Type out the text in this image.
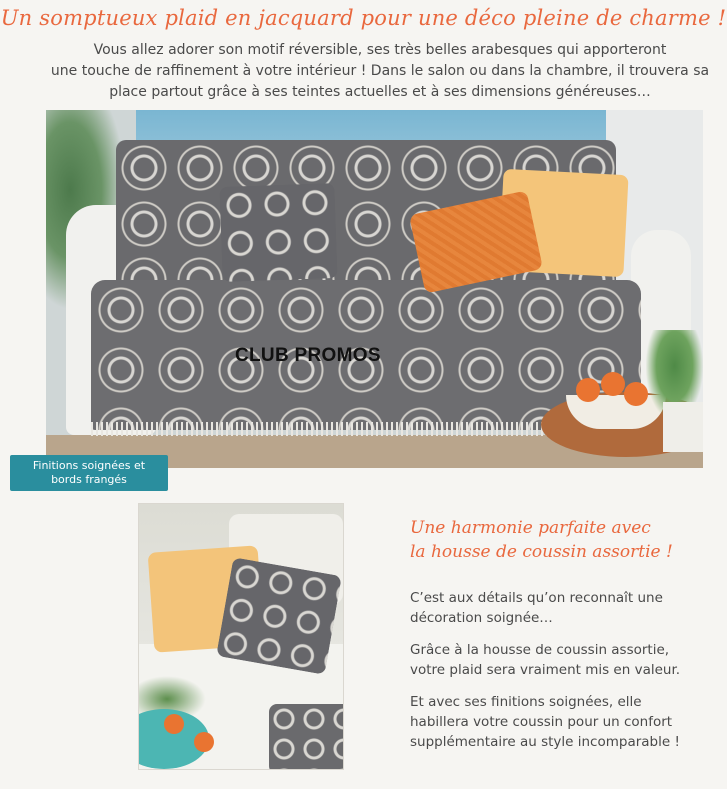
Un somptueux plaid en jacquard pour une déco pleine de charme !
Vous allez adorer son motif réversible, ses très belles arabesques qui apporteront
une touche de raffinement à votre intérieur ! Dans le salon ou dans la chambre, il trouvera sa
place partout grâce à ses teintes actuelles et à ses dimensions généreuses…
CLUB PROMOS
Finitions soignées et
bords frangés
Une harmonie parfaite avec
la housse de coussin assortie !

C’est aux détails qu’on reconnaît une
décoration soignée…

Grâce à la housse de coussin assortie,
votre plaid sera vraiment mis en valeur.

Et avec ses finitions soignées, elle
habillera votre coussin pour un confort
supplémentaire au style incomparable !
